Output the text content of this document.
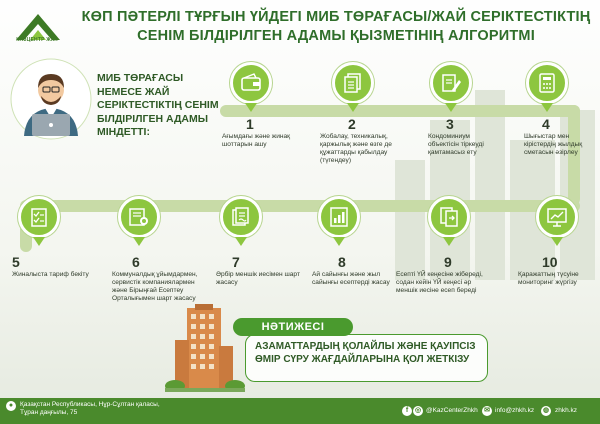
КАЗЦЕНТР ЖКХ
КӨП ПӘТЕРЛІ ТҰРҒЫН ҮЙДЕГІ МИБ ТӨРАҒАСЫ/ЖАЙ СЕРІКТЕСТІКТІҢ
СЕНІМ БІЛДІРІЛГЕН АДАМЫ ҚЫЗМЕТІНІҢ АЛГОРИТМІ
МИБ ТӨРАҒАСЫ НЕМЕСЕ ЖАЙ СЕРІКТЕСТІКТІҢ СЕНІМ БІЛДІРІЛГЕН АДАМЫ МІНДЕТТІ:	1
Ағымдағы және жинақ шоттарын ашу
2
Жобалау, техникалық, қаржылық және өзге де құжаттарды қабылдау (түгендеу)
3
Кондоминиум объектісін тіркеуді қамтамасыз ету
4
Шығыстар мен кірістердің жылдық сметасын әзірлеу
5
Жиналыста тариф бекіту
6
Коммуналдық ұйымдармен, сервистік компаниялармен және Бірыңғай Есептеу Орталығымен шарт жасасу
7
Әрбір меншік иесімен шарт жасасу
8
Ай сайынғы және жыл сайынғы есептерді жасау
9
Есепті ҮЙ кеңесіне жібереді, содан кейін ҮЙ кеңесі әр меншік иесіне есеп береді
10
Қаражаттың түсуіне мониторинг жүргізу
НӘТИЖЕСІ
АЗАМАТТАРДЫҢ ҚОЛАЙЛЫ ЖӘНЕ ҚАУІПСІЗ ӨМІР СҮРУ ЖАҒДАЙЛАРЫНА ҚОЛ ЖЕТКІЗУ
●	Қазақстан Республикасы, Нұр-Сұлтан қаласы,
Тұран даңғылы, 75	f ◎ @KazCenterZhkh ✉ info@zhkh.kz ◍ zhkh.kz
